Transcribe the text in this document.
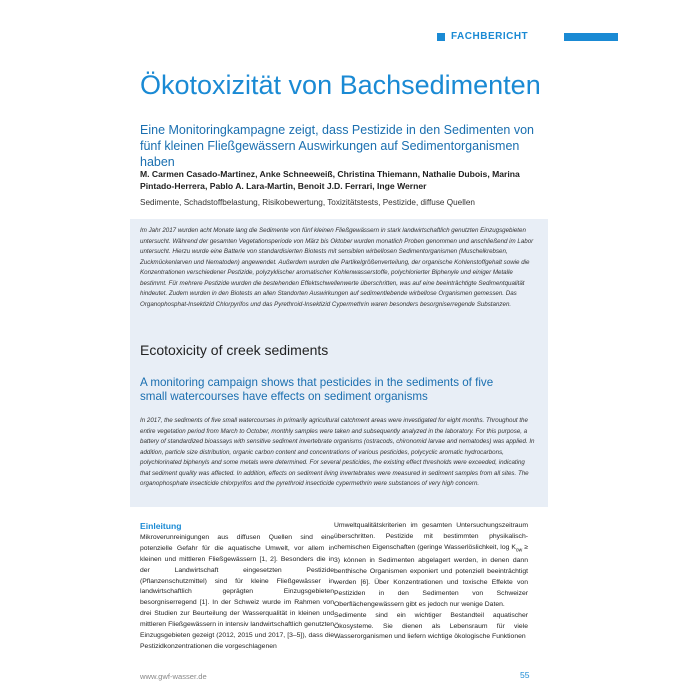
FACHBERICHT
Ökotoxizität von Bachsedimenten
Eine Monitoringkampagne zeigt, dass Pestizide in den Sedimenten von fünf kleinen Fließgewässern Auswirkungen auf Sedimentorganismen haben
M. Carmen Casado-Martinez, Anke Schneeweiß, Christina Thiemann, Nathalie Dubois, Marina Pintado-Herrera, Pablo A. Lara-Martin, Benoit J.D. Ferrari, Inge Werner
Sedimente, Schadstoffbelastung, Risikobewertung, Toxizitätstests, Pestizide, diffuse Quellen
Im Jahr 2017 wurden acht Monate lang die Sedimente von fünf kleinen Fließgewässern in stark landwirtschaftlich genutzten Einzugsgebieten untersucht. Während der gesamten Vegetationsperiode von März bis Oktober wurden monatlich Proben genommen und anschließend im Labor untersucht. Hierzu wurde eine Batterie von standardisierten Biotests mit sensiblen wirbellosen Sedimentorganismen (Muschelkrebsen, Zuckmückenlarven und Nematoden) angewendet. Außerdem wurden die Partikelgrößenverteilung, der organische Kohlenstoffgehalt sowie die Konzentrationen verschiedener Pestizide, polyzyklischer aromatischer Kohlenwasserstoffe, polychlorierter Biphenyle und einiger Metalle bestimmt. Für mehrere Pestizide wurden die bestehenden Effektschwellenwerte überschritten, was auf eine beeinträchtigte Sedimentqualität hindeutet. Zudem wurden in den Biotests an allen Standorten Auswirkungen auf sedimentlebende wirbellose Organismen gemessen. Das Organophosphat-Insektizid Chlorpyrifos und das Pyrethroid-Insektizid Cypermethrin waren besonders besorgniserregende Substanzen.
Ecotoxicity of creek sediments
A monitoring campaign shows that pesticides in the sediments of five small watercourses have effects on sediment organisms
In 2017, the sediments of five small watercourses in primarily agricultural catchment areas were investigated for eight months. Throughout the entire vegetation period from March to October, monthly samples were taken and subsequently analyzed in the laboratory. For this purpose, a battery of standardized bioassays with sensitive sediment invertebrate organisms (ostracods, chironomid larvae and nematodes) was applied. In addition, particle size distribution, organic carbon content and concentrations of various pesticides, polycyclic aromatic hydrocarbons, polychlorinated biphenyls and some metals were determined. For several pesticides, the existing effect thresholds were exceeded, indicating that sediment quality was affected. In addition, effects on sediment living invertebrates were measured in sediment samples from all sites. The organophosphate insecticide chlorpyrifos and the pyrethroid insecticide cypermethrin were substances of very high concern.
Einleitung
Mikroverunreinigungen aus diffusen Quellen sind eine potenzielle Gefahr für die aquatische Umwelt, vor allem in kleinen und mittleren Fließgewässern [1, 2]. Besonders die in der Landwirtschaft eingesetzten Pestizide (Pflanzenschutzmittel) sind für kleine Fließgewässer in landwirtschaftlich geprägten Einzugsgebieten besorgniserregend [1]. In der Schweiz wurde im Rahmen von drei Studien zur Beurteilung der Wasserqualität in kleinen und mittleren Fließgewässern in intensiv landwirtschaftlich genutzten Einzugsgebieten gezeigt (2012, 2015 und 2017, [3–5]), dass die Pestizidkonzentrationen die vorgeschlagenen
Umweltqualitätskriterien im gesamten Untersuchungszeitraum überschritten. Pestizide mit bestimmten physikalisch-chemischen Eigenschaften (geringe Wasserlöslichkeit, $\log K_{ow} \ge 3$) können in Sedimenten abgelagert werden, in denen dann benthische Organismen exponiert und potenziell beeinträchtigt werden [6]. Über Konzentrationen und toxische Effekte von Pestiziden in den Sedimenten von Schweizer Oberflächengewässern gibt es jedoch nur wenige Daten.
Sedimente sind ein wichtiger Bestandteil aquatischer Ökosysteme. Sie dienen als Lebensraum für viele Wasserorganismen und liefern wichtige ökologische Funktionen
www.gwf-wasser.de	55
